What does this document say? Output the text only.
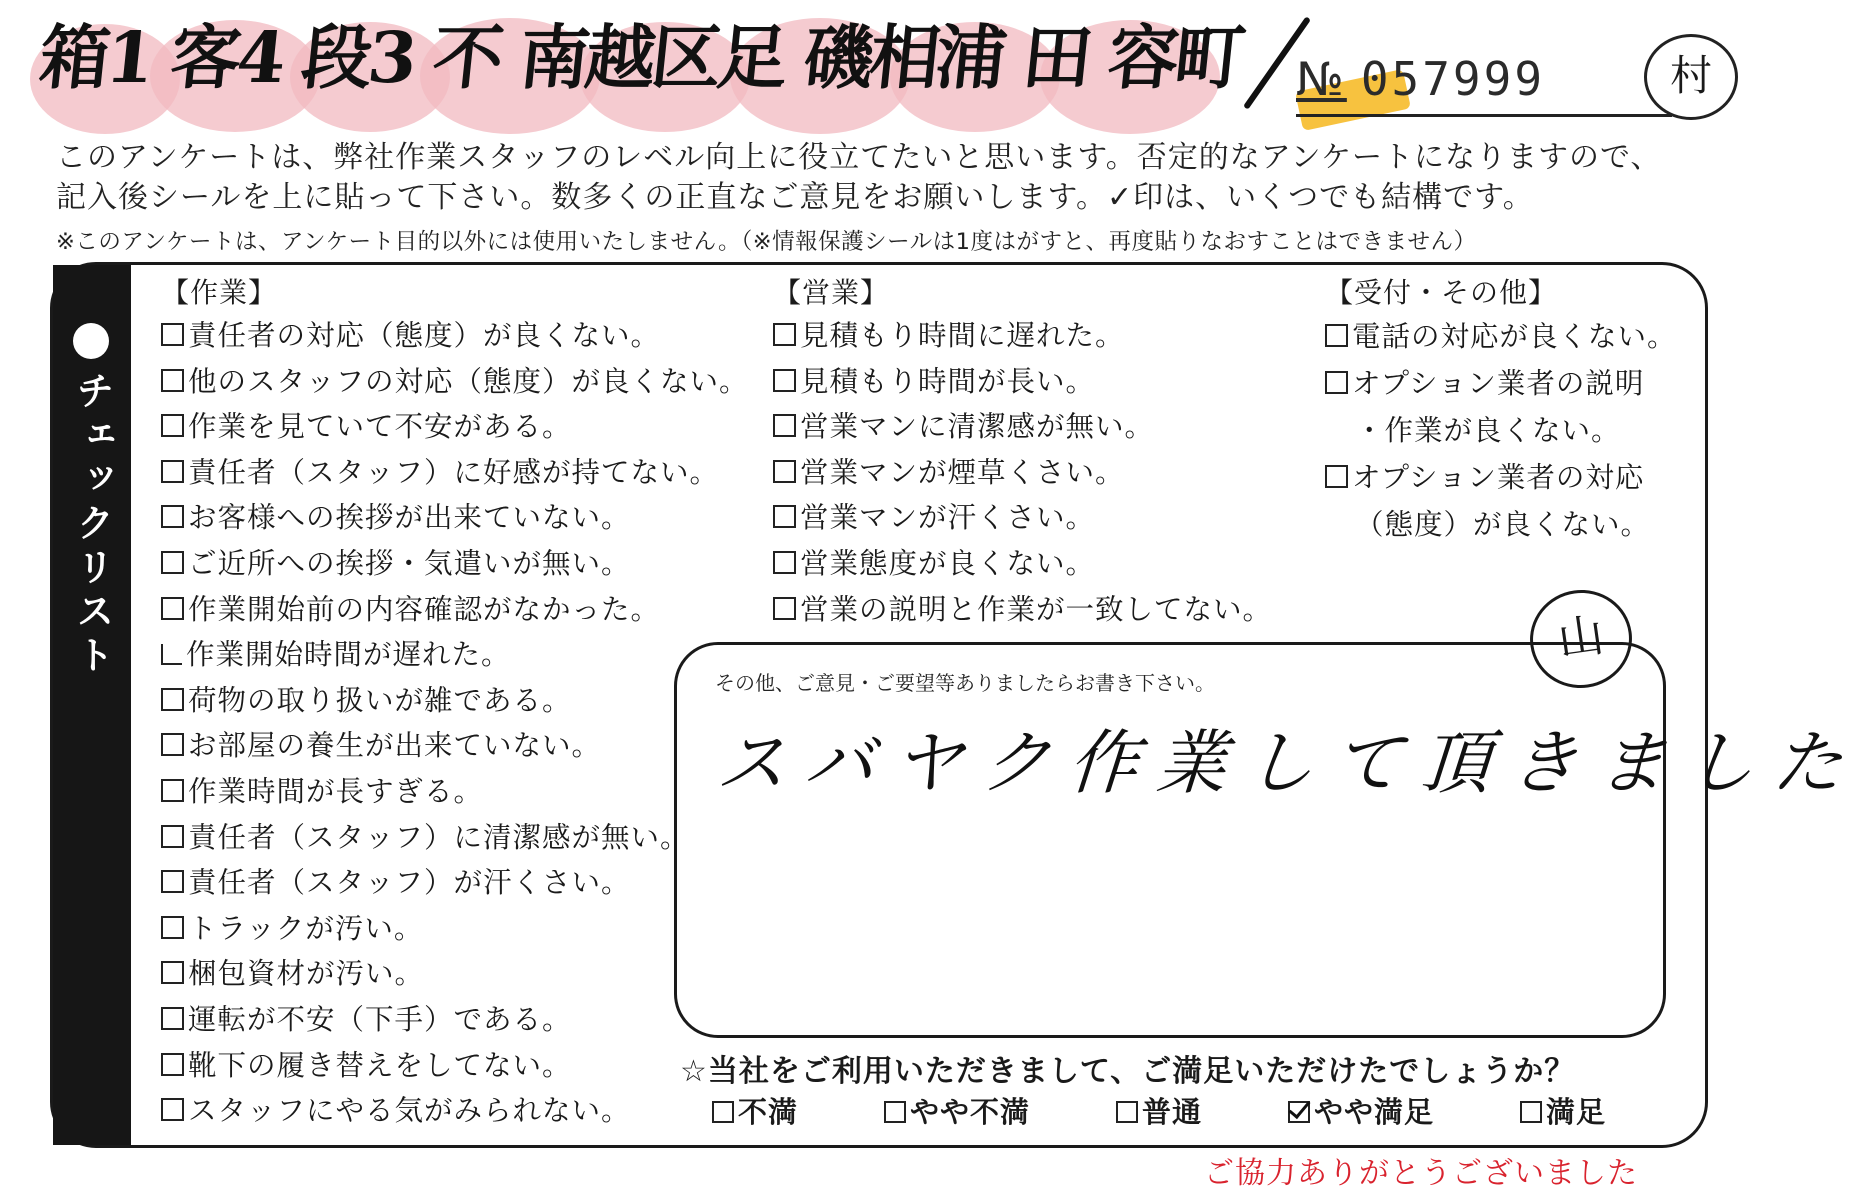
箱1 客4 段3 不 南越区足 磯相浦 田 容町	№ 057999	村
このアンケートは、弊社作業スタッフのレベル向上に役立てたいと思います。否定的なアンケートになりますので、
記入後シールを上に貼って下さい。数多くの正直なご意見をお願いします。✓印は、いくつでも結構です。
※このアンケートは、アンケート目的以外には使用いたしません。（※情報保護シールは1度はがすと、再度貼りなおすことはできません）
チェックリスト
【作業】
責任者の対応（態度）が良くない。
他のスタッフの対応（態度）が良くない。
作業を見ていて不安がある。
責任者（スタッフ）に好感が持てない。
お客様への挨拶が出来ていない。
ご近所への挨拶・気遣いが無い。
作業開始前の内容確認がなかった。
作業開始時間が遅れた。
荷物の取り扱いが雑である。
お部屋の養生が出来ていない。
作業時間が長すぎる。
責任者（スタッフ）に清潔感が無い。
責任者（スタッフ）が汗くさい。
トラックが汚い。
梱包資材が汚い。
運転が不安（下手）である。
靴下の履き替えをしてない。
スタッフにやる気がみられない。
【営業】
見積もり時間に遅れた。
見積もり時間が長い。
営業マンに清潔感が無い。
営業マンが煙草くさい。
営業マンが汗くさい。
営業態度が良くない。
営業の説明と作業が一致してない。
【受付・その他】
電話の対応が良くない。
オプション業者の説明
・作業が良くない。
オプション業者の対応
（態度）が良くない。
その他、ご意見・ご要望等ありましたらお書き下さい。
スバヤク作業して頂きました
山
☆当社をご利用いただきまして、ご満足いただけたでしょうか？
不満	やや不満	普通	やや満足	満足
ご協力ありがとうございました
